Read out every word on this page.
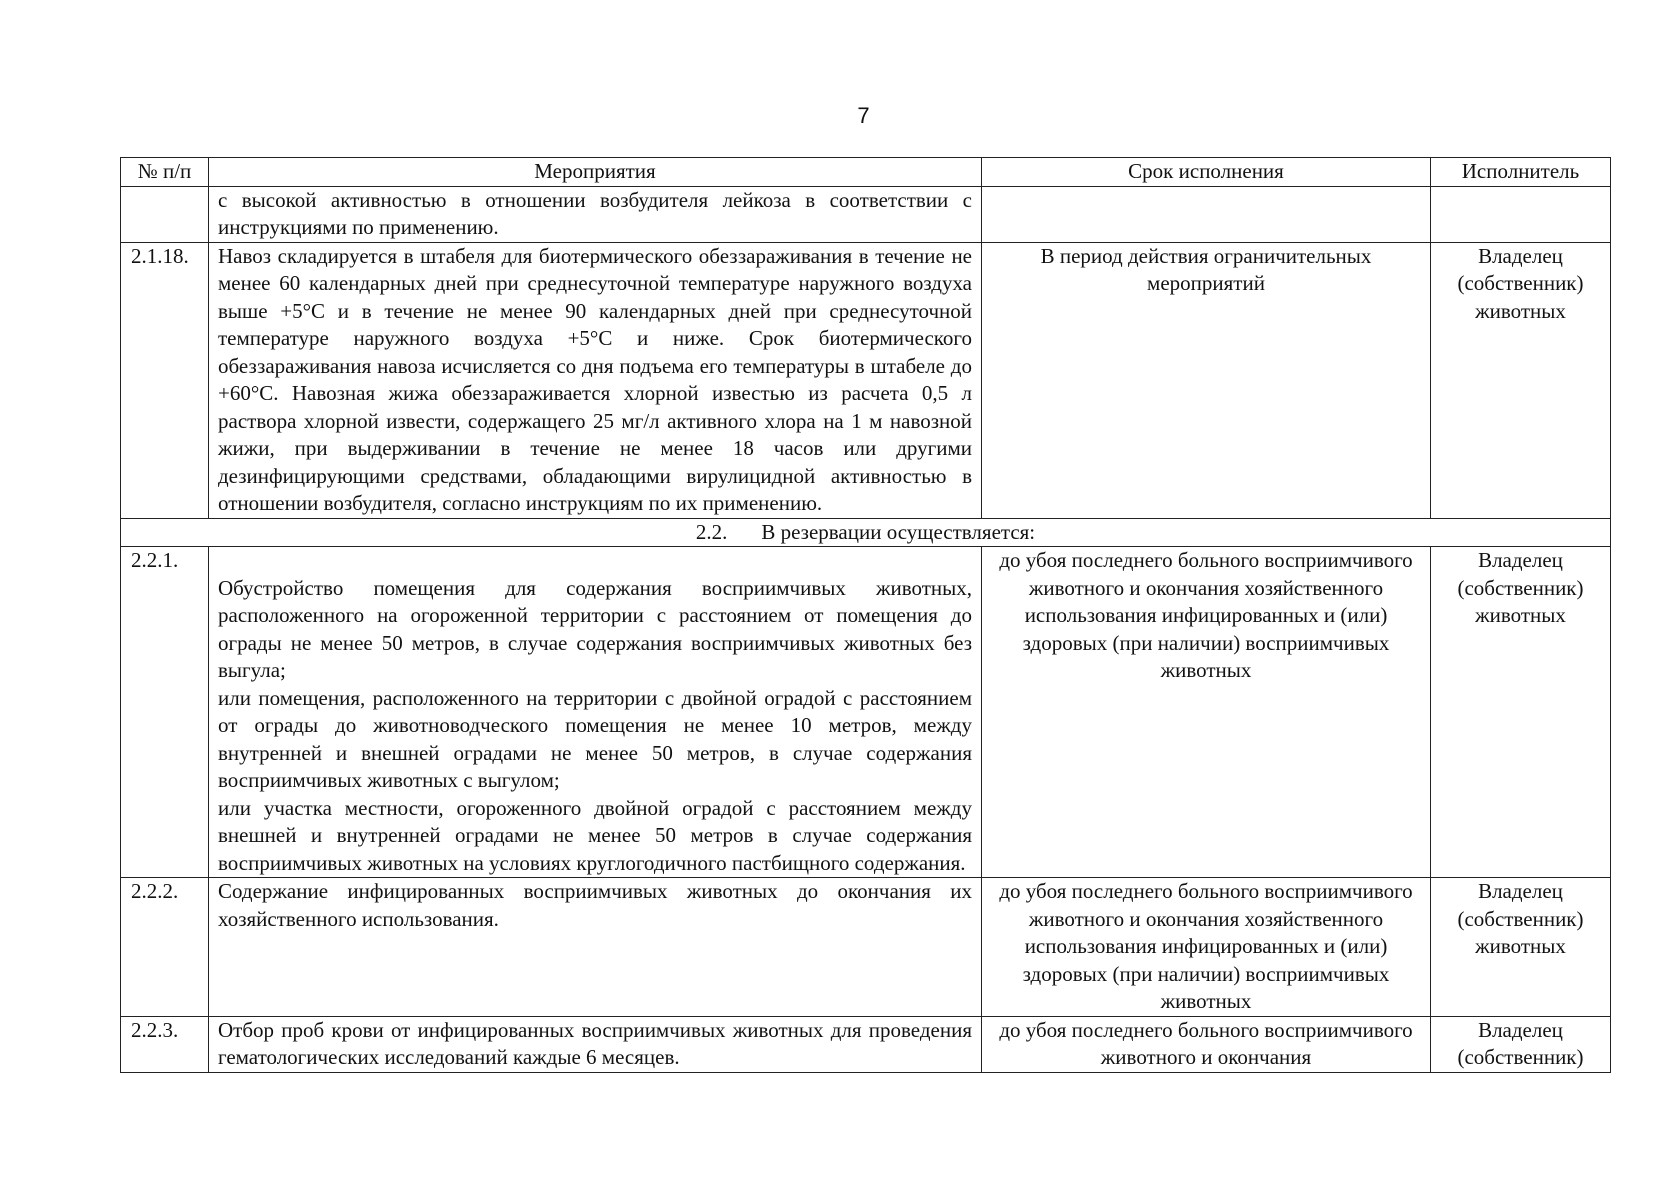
7
№ п/п	Мероприятия	Срок исполнения	Исполнитель
	с высокой активностью в отношении возбудителя лейкоза в соответствии с инструкциями по применению.		
2.1.18.	Навоз складируется в штабеля для биотермического обеззараживания в течение не менее 60 календарных дней при среднесуточной температуре наружного воздуха выше +5°С и в течение не менее 90 календарных дней при среднесуточной температуре наружного воздуха +5°С и ниже. Срок биотермического обеззараживания навоза исчисляется со дня подъема его температуры в штабеле до +60°С. Навозная жижа обеззараживается хлорной известью из расчета 0,5 л раствора хлорной извести, содержащего 25 мг/л активного хлора на 1 м навозной жижи, при выдерживании в течение не менее 18 часов или другими дезинфицирующими средствами, обладающими вирулицидной активностью в отношении возбудителя, согласно инструкциям по их применению.	В период действия ограничительных мероприятий	Владелец (собственник) животных
2.2. В резервации осуществляется:			
2.2.1.	Обустройство помещения для содержания восприимчивых животных, расположенного на огороженной территории с расстоянием от помещения до ограды не менее 50 метров, в случае содержания восприимчивых животных без выгула;
или помещения, расположенного на территории с двойной оградой с расстоянием от ограды до животноводческого помещения не менее 10 метров, между внутренней и внешней оградами не менее 50 метров, в случае содержания восприимчивых животных с выгулом;
или участка местности, огороженного двойной оградой с расстоянием между внешней и внутренней оградами не менее 50 метров в случае содержания восприимчивых животных на условиях круглогодичного пастбищного содержания.	до убоя последнего больного восприимчивого животного и окончания хозяйственного использования инфицированных и (или) здоровых (при наличии) восприимчивых животных	Владелец (собственник) животных
2.2.2.	Содержание инфицированных восприимчивых животных до окончания их хозяйственного использования.	до убоя последнего больного восприимчивого животного и окончания хозяйственного использования инфицированных и (или) здоровых (при наличии) восприимчивых животных	Владелец (собственник) животных
2.2.3.	Отбор проб крови от инфицированных восприимчивых животных для проведения гематологических исследований каждые 6 месяцев.	до убоя последнего больного восприимчивого животного и окончания	Владелец (собственник)
